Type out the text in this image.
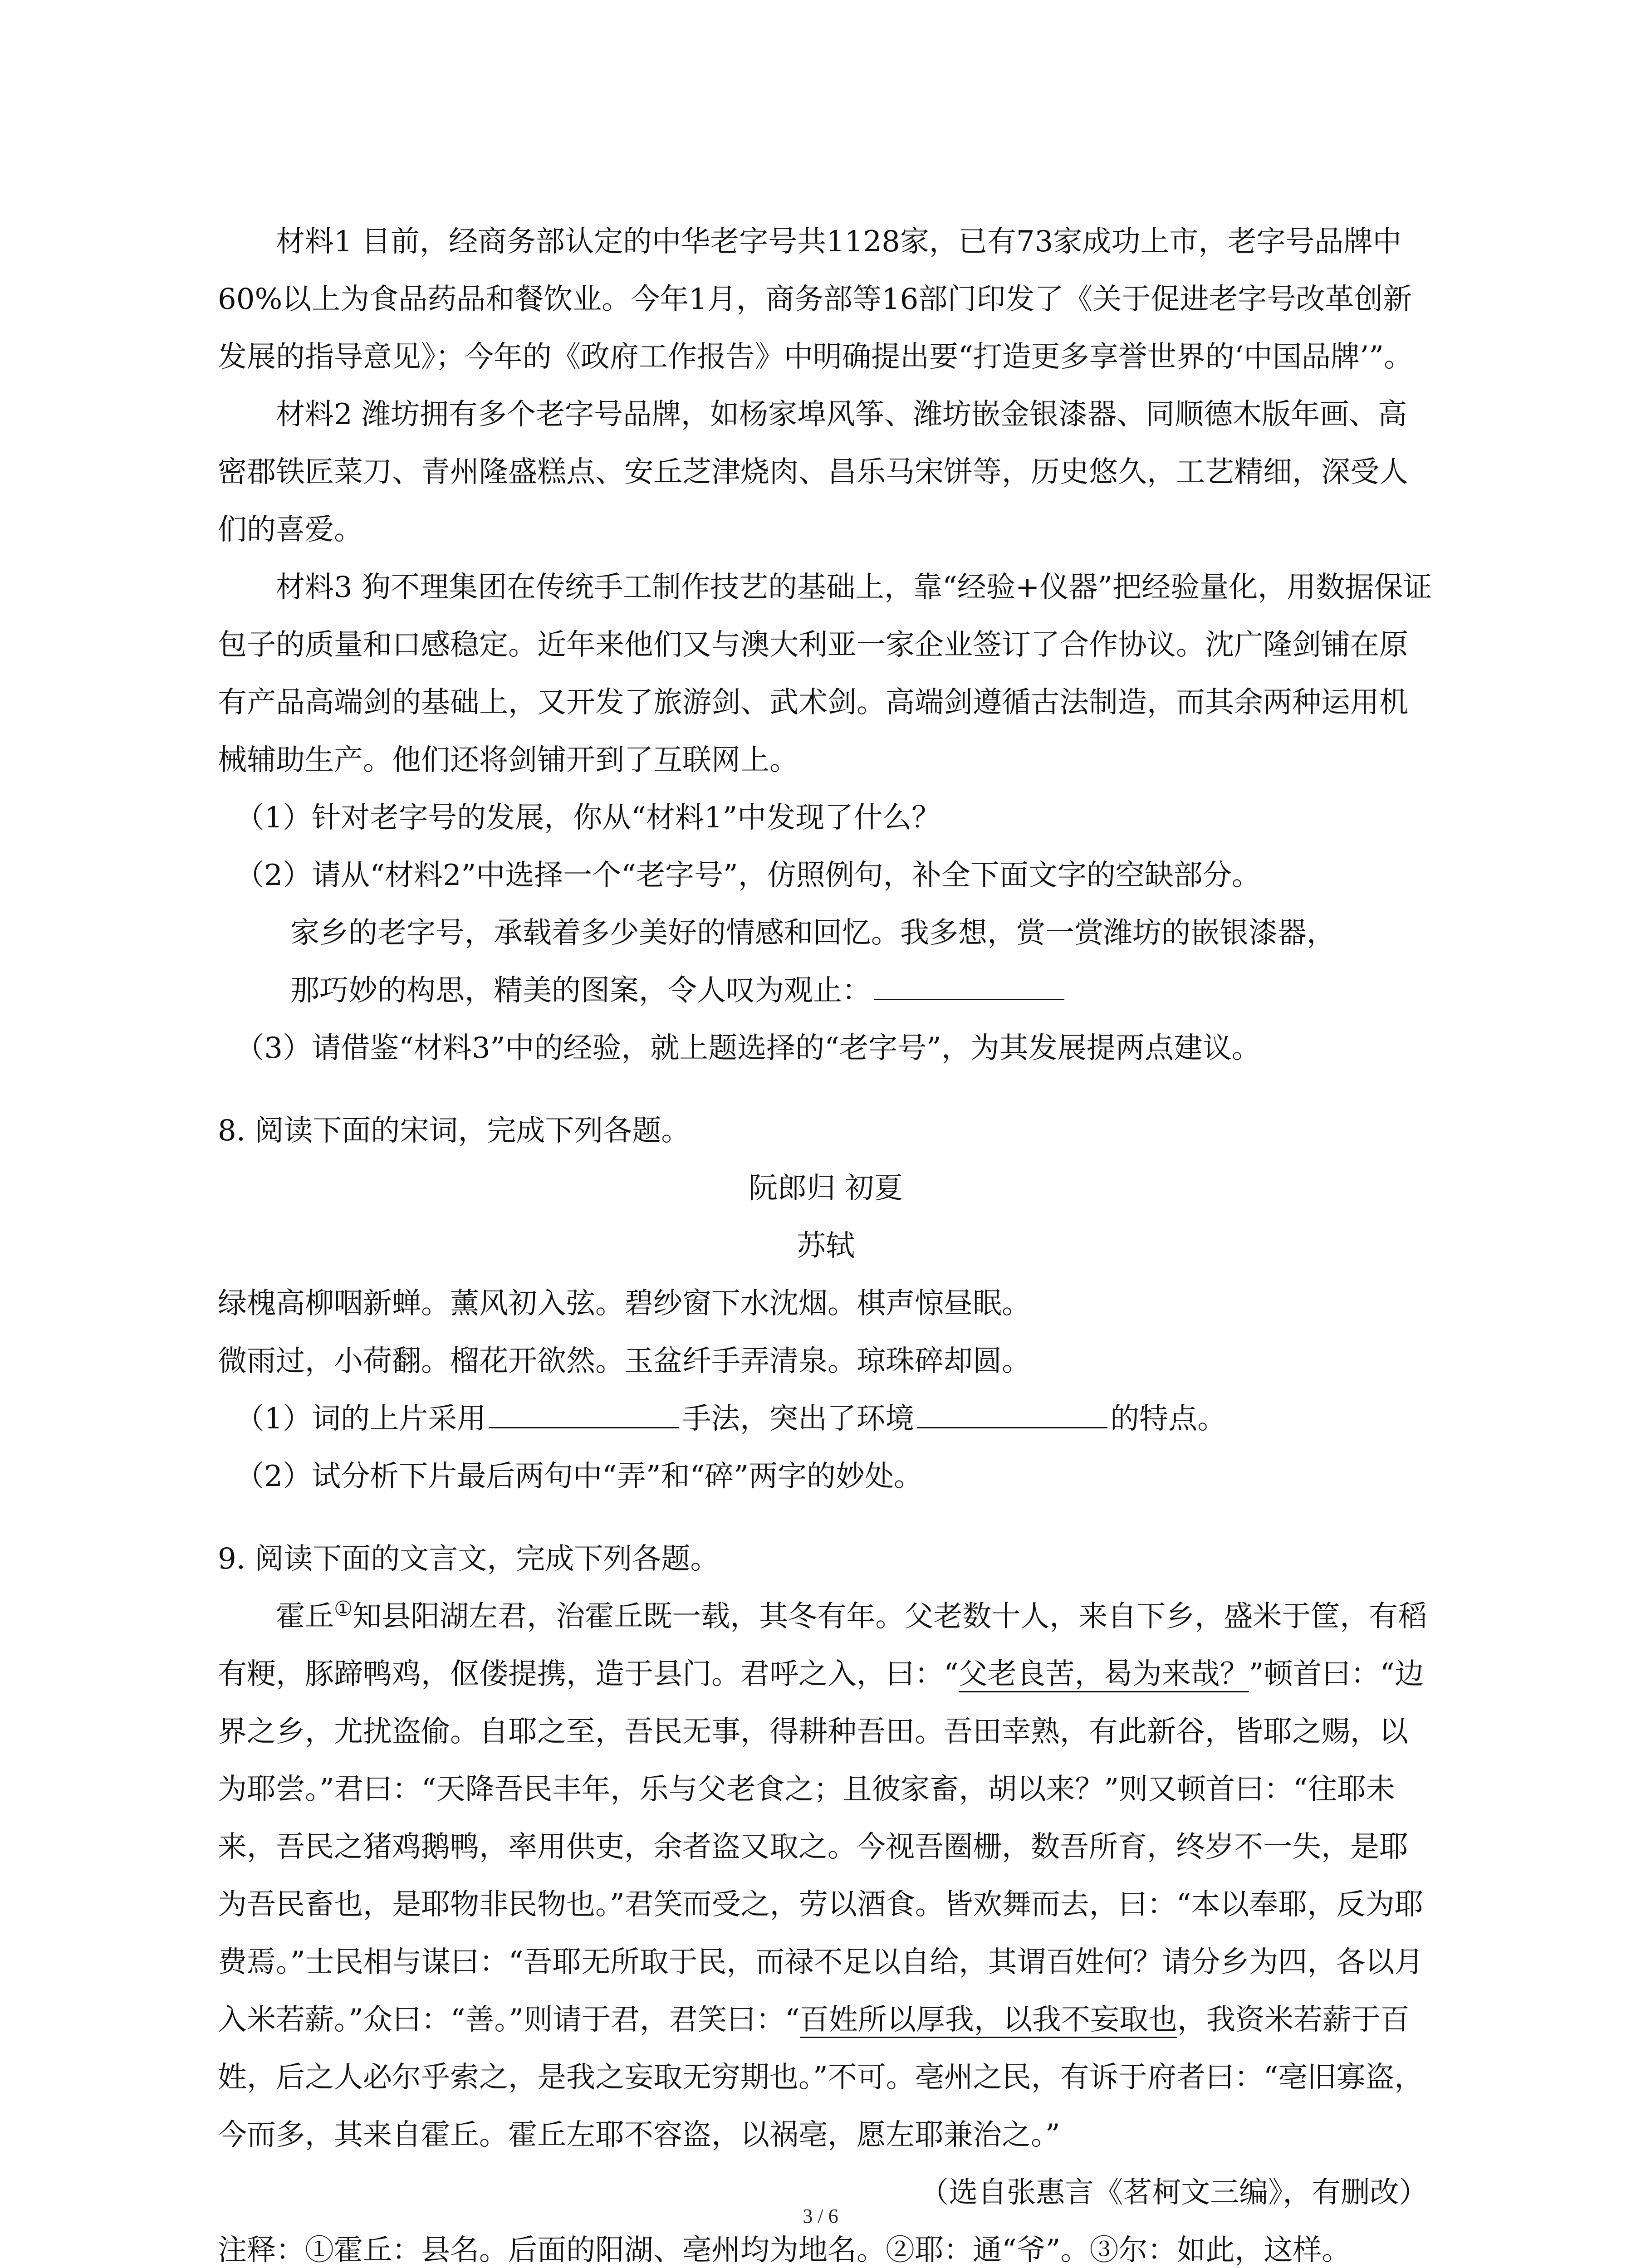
材料1 目前，经商务部认定的中华老字号共1128家，已有73家成功上市，老字号品牌中60%以上为食品药品和餐饮业。今年1月，商务部等16部门印发了《关于促进老字号改革创新发展的指导意见》；今年的《政府工作报告》中明确提出要“打造更多享誉世界的‘中国品牌’”。

材料2 潍坊拥有多个老字号品牌，如杨家埠风筝、潍坊嵌金银漆器、同顺德木版年画、高密郡铁匠菜刀、青州隆盛糕点、安丘芝津烧肉、昌乐马宋饼等，历史悠久，工艺精细，深受人们的喜爱。

材料3 狗不理集团在传统手工制作技艺的基础上，靠“经验+仪器”把经验量化，用数据保证包子的质量和口感稳定。近年来他们又与澳大利亚一家企业签订了合作协议。沈广隆剑铺在原有产品高端剑的基础上，又开发了旅游剑、武术剑。高端剑遵循古法制造，而其余两种运用机械辅助生产。他们还将剑铺开到了互联网上。

（1）针对老字号的发展，你从“材料1”中发现了什么？

（2）请从“材料2”中选择一个“老字号”，仿照例句，补全下面文字的空缺部分。

家乡的老字号，承载着多少美好的情感和回忆。我多想，赏一赏潍坊的嵌银漆器，

那巧妙的构思，精美的图案，令人叹为观止：

（3）请借鉴“材料3”中的经验，就上题选择的“老字号”，为其发展提两点建议。

8. 阅读下面的宋词，完成下列各题。

阮郎归 初夏

苏轼

绿槐高柳咽新蝉。薰风初入弦。碧纱窗下水沈烟。棋声惊昼眠。

微雨过，小荷翻。榴花开欲然。玉盆纤手弄清泉。琼珠碎却圆。

（1）词的上片采用	手法，突出了环境	的特点。

（2）试分析下片最后两句中“弄”和“碎”两字的妙处。

9. 阅读下面的文言文，完成下列各题。

霍丘①知县阳湖左君，治霍丘既一载，其冬有年。父老数十人，来自下乡，盛米于筐，有稻有粳，豚蹄鸭鸡，伛偻提携，造于县门。君呼之入，曰：“父老良苦，曷为来哉？”顿首曰：“边界之乡，尤扰盗偷。自耶之至，吾民无事，得耕种吾田。吾田幸熟，有此新谷，皆耶之赐，以为耶尝。”君曰：“天降吾民丰年，乐与父老食之；且彼家畜，胡以来？”则又顿首曰：“往耶未来，吾民之猪鸡鹅鸭，率用供吏，余者盗又取之。今视吾圈栅，数吾所育，终岁不一失，是耶为吾民畜也，是耶物非民物也。”君笑而受之，劳以酒食。皆欢舞而去，曰：“本以奉耶，反为耶费焉。”士民相与谋曰：“吾耶无所取于民，而禄不足以自给，其谓百姓何？请分乡为四，各以月入米若薪。”众曰：“善。”则请于君，君笑曰：“百姓所以厚我，以我不妄取也，我资米若薪于百姓，后之人必尔乎索之，是我之妄取无穷期也。”不可。亳州之民，有诉于府者曰：“亳旧寡盗，今而多，其来自霍丘。霍丘左耶不容盗，以祸亳，愿左耶兼治之。”

（选自张惠言《茗柯文三编》，有删改）

注释：①霍丘：县名。后面的阳湖、亳州均为地名。②耶：通“爷”。③尔：如此，这样。

3 / 6
